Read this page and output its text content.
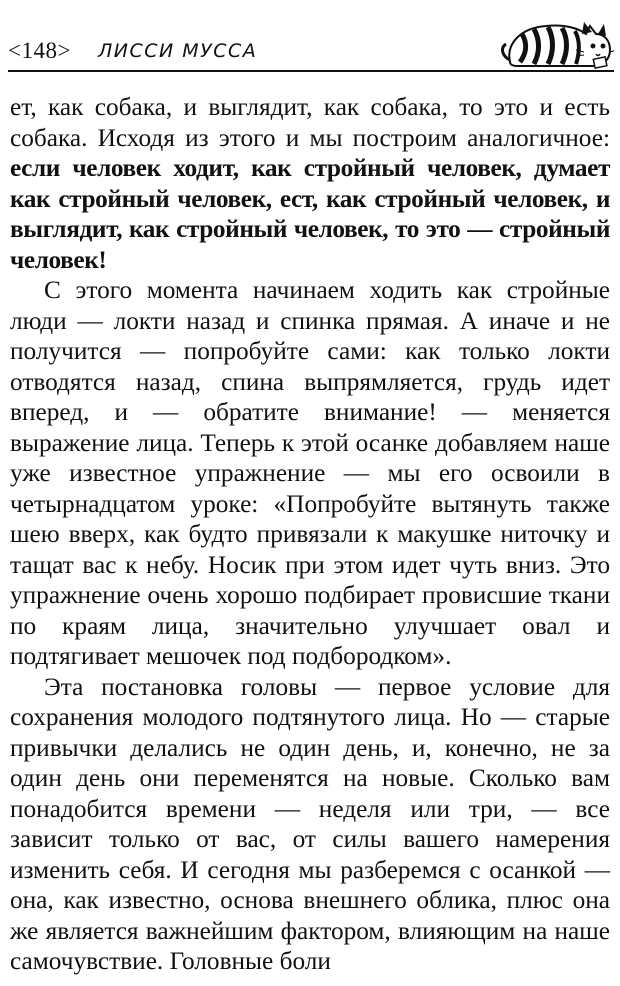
<148> ЛИССИ МУССА

ет, как собака, и выглядит, как собака, то это и есть собака. Исходя из этого и мы построим аналогичное: если человек ходит, как стройный человек, думает как стройный человек, ест, как стройный человек, и выглядит, как стройный человек, то это — стройный человек!

С этого момента начинаем ходить как стройные люди — локти назад и спинка прямая. А иначе и не получится — попробуйте сами: как только локти отводятся назад, спина выпрямляется, грудь идет вперед, и — обратите внимание! — меняется выражение лица. Теперь к этой осанке добавляем наше уже известное упражнение — мы его освоили в четырнадцатом уроке: «Попробуйте вытянуть также шею вверх, как будто привязали к макушке ниточку и тащат вас к небу. Носик при этом идет чуть вниз. Это упражнение очень хорошо подбирает провисшие ткани по краям лица, значительно улучшает овал и подтягивает мешочек под подбородком».

Эта постановка головы — первое условие для сохранения молодого подтянутого лица. Но — старые привычки делались не один день, и, конечно, не за один день они переменятся на новые. Сколько вам понадобится времени — неделя или три, — все зависит только от вас, от силы вашего намерения изменить себя. И сегодня мы разберемся с осанкой — она, как известно, основа внешнего облика, плюс она же является важнейшим фактором, влияющим на наше самочувствие. Головные боли
